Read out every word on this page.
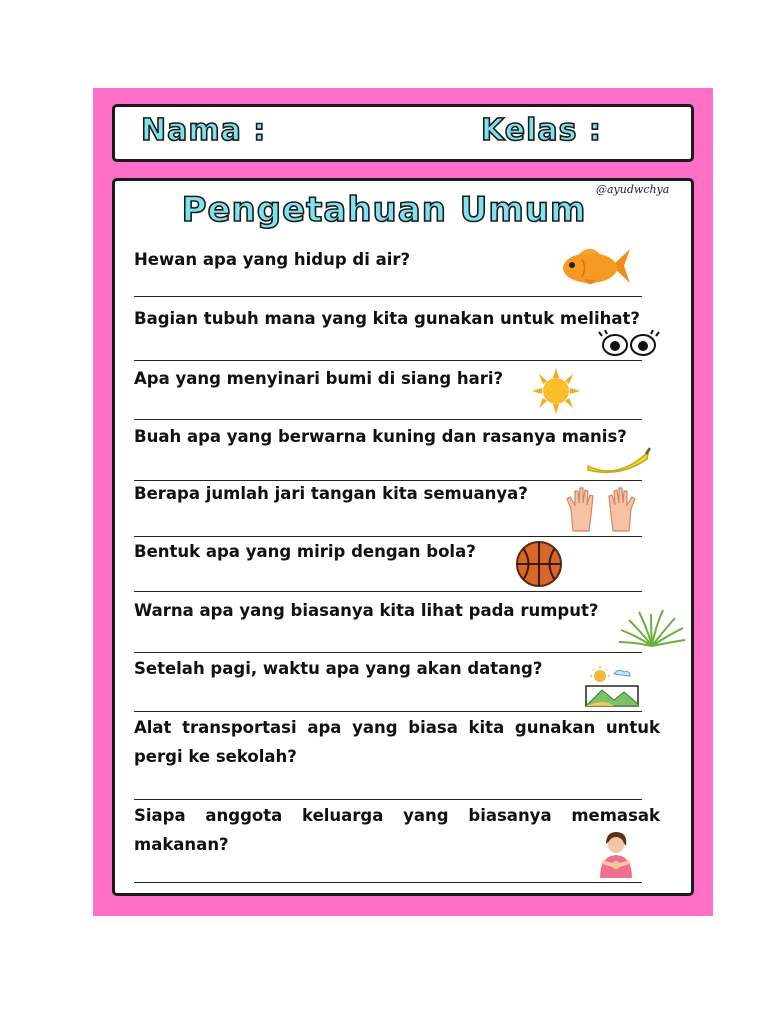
Nama :	Kelas :
@ayudwchya
Pengetahuan Umum
Hewan apa yang hidup di air?
Bagian tubuh mana yang kita gunakan untuk melihat?
Apa yang menyinari bumi di siang hari?
Buah apa yang berwarna kuning dan rasanya manis?
Berapa jumlah jari tangan kita semuanya?
Bentuk apa yang mirip dengan bola?
Warna apa yang biasanya kita lihat pada rumput?
Setelah pagi, waktu apa yang akan datang?
Alat transportasi apa yang biasa kita gunakan untuk pergi ke sekolah?
Siapa anggota keluarga yang biasanya memasak makanan?
